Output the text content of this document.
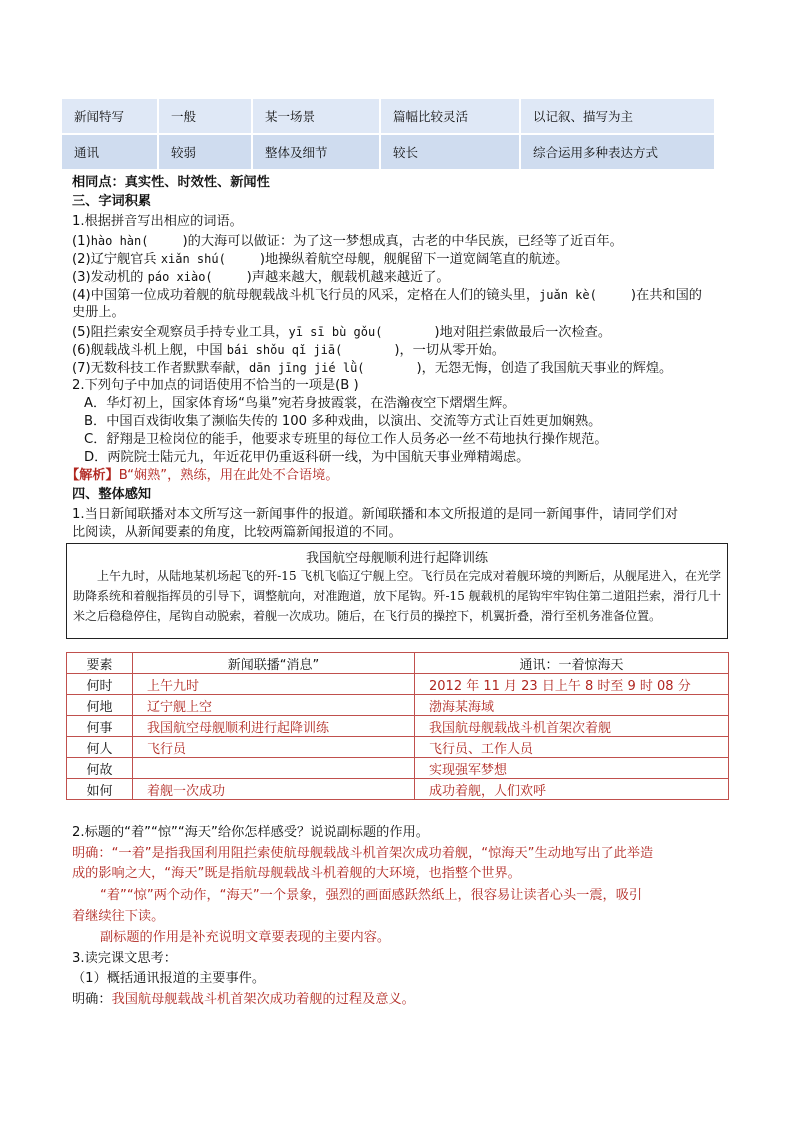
新闻特写	一般	某一场景	篇幅比较灵活	以记叙、描写为主
通讯	较弱	整体及细节	较长	综合运用多种表达方式
相同点：真实性、时效性、新闻性
三、字词积累
1.根据拼音写出相应的词语。
(1)hào hàn(	)的大海可以做证：为了这一梦想成真，古老的中华民族，已经等了近百年。
(2)辽宁舰官兵 xiǎn shú(	)地操纵着航空母舰，舰艉留下一道宽阔笔直的航迹。
(3)发动机的 páo xiào(	)声越来越大，舰载机越来越近了。
(4)中国第一位成功着舰的航母舰载战斗机飞行员的风采，定格在人们的镜头里，juǎn kè(	)在共和国的
史册上。
(5)阻拦索安全观察员手持专业工具，yī sī bù gǒu(	)地对阻拦索做最后一次检查。
(6)舰载战斗机上舰，中国 bái shǒu qǐ jiā(	)，一切从零开始。
(7)无数科技工作者默默奉献，dān jīng jié lǜ(	)，无怨无悔，创造了我国航天事业的辉煌。
2.下列句子中加点的词语使用不恰当的一项是(B )
A．华灯初上，国家体育场“鸟巢”宛若身披霞裳，在浩瀚夜空下熠熠生辉。
B．中国百戏街收集了濒临失传的 100 多种戏曲，以演出、交流等方式让百姓更加娴熟。
C．舒翔是卫检岗位的能手，他要求专班里的每位工作人员务必一丝不苟地执行操作规范。
D．两院院士陆元九，年近花甲仍重返科研一线，为中国航天事业殚精竭虑。
【解析】B“娴熟”，熟练，用在此处不合语境。
四、整体感知
1.当日新闻联播对本文所写这一新闻事件的报道。新闻联播和本文所报道的是同一新闻事件，请同学们对
比阅读，从新闻要素的角度，比较两篇新闻报道的不同。
我国航空母舰顺利进行起降训练
上午九时，从陆地某机场起飞的歼-15 飞机飞临辽宁舰上空。飞行员在完成对着舰环境的判断后，从舰尾进入，在光学助降系统和着舰指挥员的引导下，调整航向，对准跑道，放下尾钩。歼-15 舰载机的尾钩牢牢钩住第二道阻拦索，滑行几十米之后稳稳停住，尾钩自动脱索，着舰一次成功。随后，在飞行员的操控下，机翼折叠，滑行至机务准备位置。
要素	新闻联播“消息”	通讯：一着惊海天
何时	上午九时	2012 年 11 月 23 日上午 8 时至 9 时 08 分
何地	辽宁舰上空	渤海某海域
何事	我国航空母舰顺利进行起降训练	我国航母舰载战斗机首架次着舰
何人	飞行员	飞行员、工作人员
何故		实现强军梦想
如何	着舰一次成功	成功着舰，人们欢呼
2.标题的“着”“惊”“海天”给你怎样感受？说说副标题的作用。
明确：“一着”是指我国利用阻拦索使航母舰载战斗机首架次成功着舰，“惊海天”生动地写出了此举造
成的影响之大，“海天”既是指航母舰载战斗机着舰的大环境，也指整个世界。
“着”“惊”两个动作，“海天”一个景象，强烈的画面感跃然纸上，很容易让读者心头一震，吸引
着继续往下读。
副标题的作用是补充说明文章要表现的主要内容。
3.读完课文思考：
（1）概括通讯报道的主要事件。
明确：我国航母舰载战斗机首架次成功着舰的过程及意义。
